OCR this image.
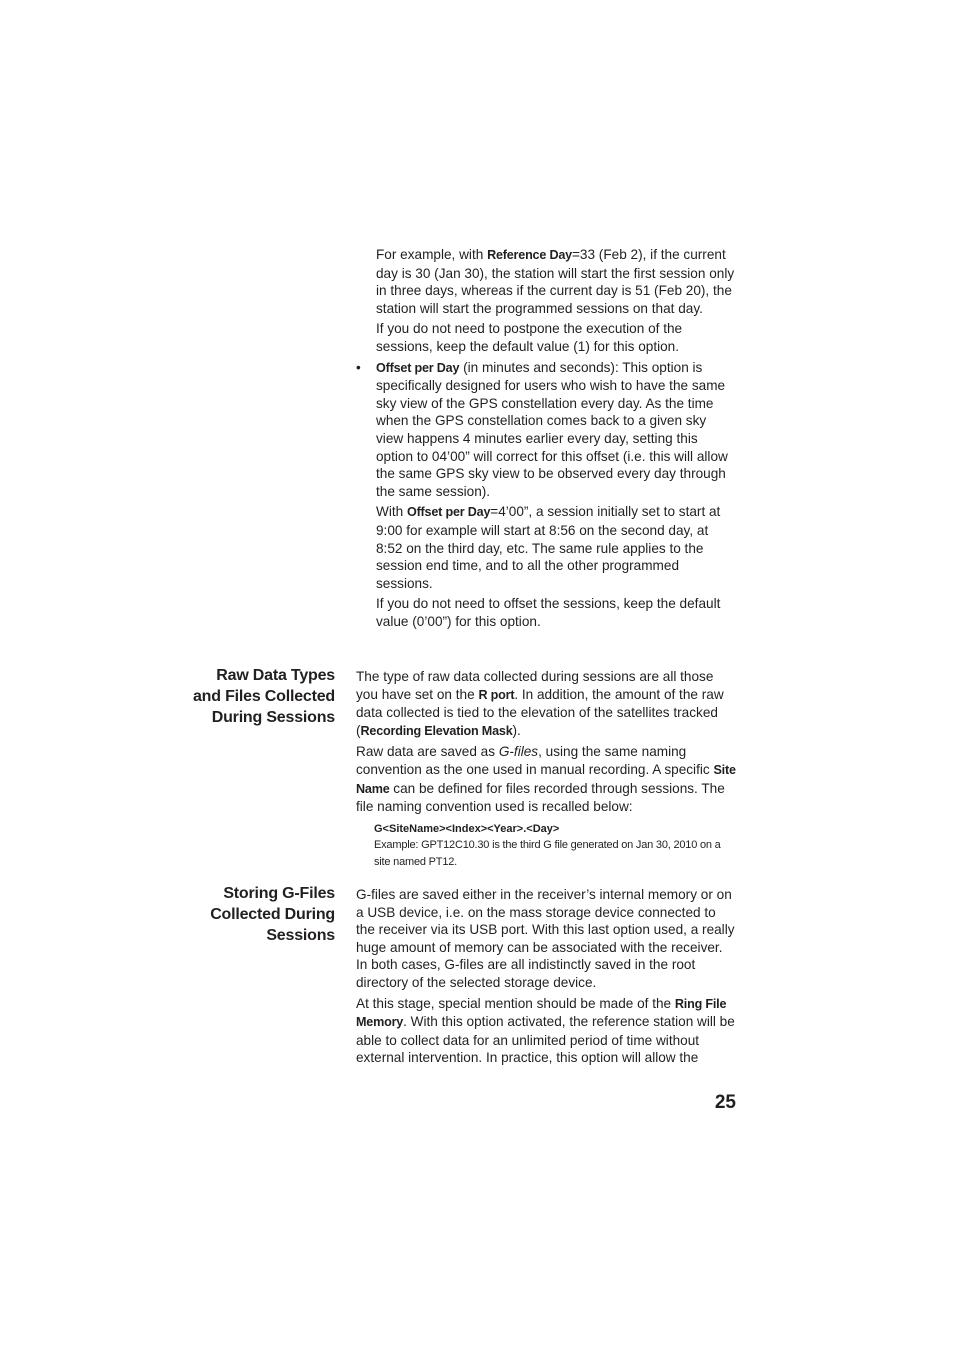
For example, with Reference Day=33 (Feb 2), if the current day is 30 (Jan 30), the station will start the first session only in three days, whereas if the current day is 51 (Feb 20), the station will start the programmed sessions on that day.

If you do not need to postpone the execution of the sessions, keep the default value (1) for this option.

• Offset per Day (in minutes and seconds): This option is specifically designed for users who wish to have the same sky view of the GPS constellation every day. As the time when the GPS constellation comes back to a given sky view happens 4 minutes earlier every day, setting this option to 04’00” will correct for this offset (i.e. this will allow the same GPS sky view to be observed every day through the same session).

With Offset per Day=4’00”, a session initially set to start at 9:00 for example will start at 8:56 on the second day, at 8:52 on the third day, etc. The same rule applies to the session end time, and to all the other programmed sessions.

If you do not need to offset the sessions, keep the default value (0’00”) for this option.

Raw Data Types
and Files Collected
During Sessions

The type of raw data collected during sessions are all those you have set on the R port. In addition, the amount of the raw data collected is tied to the elevation of the satellites tracked (Recording Elevation Mask).

Raw data are saved as G-files, using the same naming convention as the one used in manual recording. A specific Site Name can be defined for files recorded through sessions. The file naming convention used is recalled below:

G<SiteName><Index><Year>.<Day>
Example: GPT12C10.30 is the third G file generated on Jan 30, 2010 on a site named PT12.
Storing G-Files
Collected During
Sessions

G-files are saved either in the receiver’s internal memory or on a USB device, i.e. on the mass storage device connected to the receiver via its USB port. With this last option used, a really huge amount of memory can be associated with the receiver. In both cases, G-files are all indistinctly saved in the root directory of the selected storage device.

At this stage, special mention should be made of the Ring File Memory. With this option activated, the reference station will be able to collect data for an unlimited period of time without external intervention. In practice, this option will allow the

25
